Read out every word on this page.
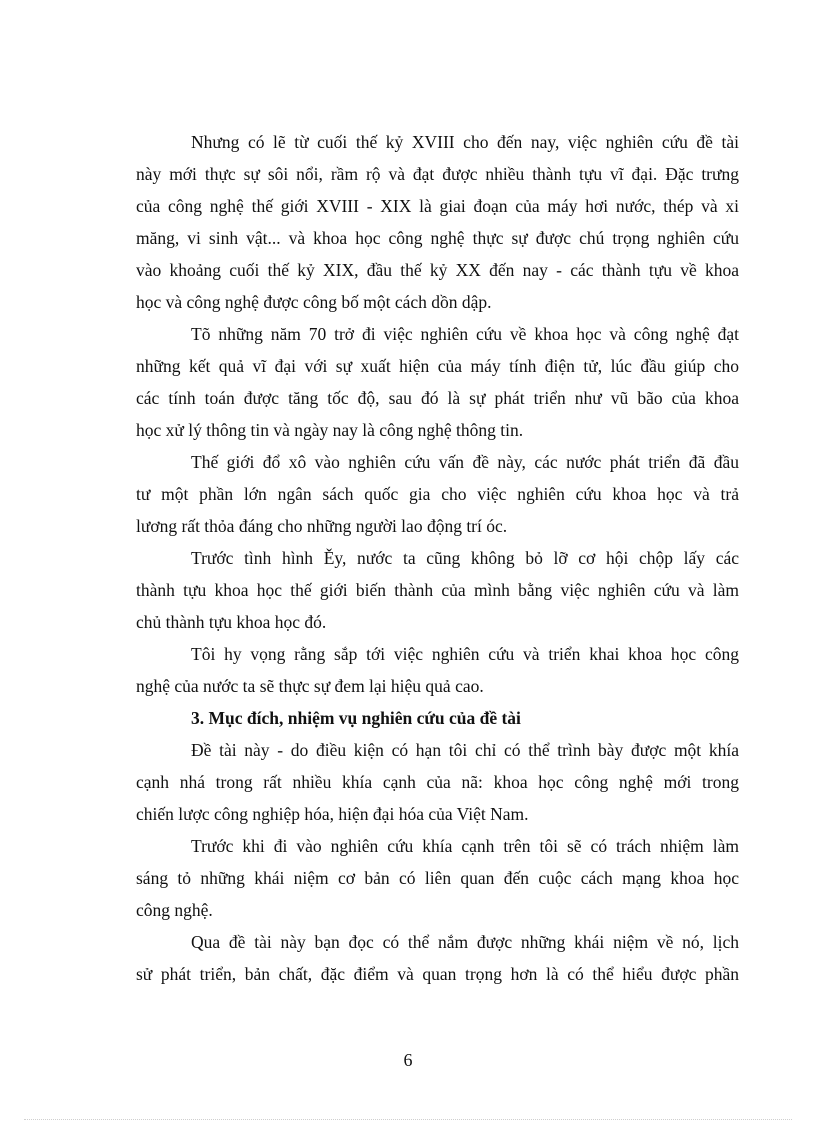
Nhưng có lẽ từ cuối thế kỷ XVIII cho đến nay, việc nghiên cứu đề tài
này mới thực sự sôi nổi, rầm rộ và đạt được nhiều thành tựu vĩ đại. Đặc trưng
của công nghệ thế giới XVIII - XIX là giai đoạn của máy hơi nước, thép và xi
măng, vi sinh vật... và khoa học công nghệ thực sự được chú trọng nghiên cứu
vào khoảng cuối thế kỷ XIX, đầu thế kỷ XX đến nay - các thành tựu về khoa
học và công nghệ được công bố một cách dồn dập.
Tõ những năm 70 trở đi việc nghiên cứu về khoa học và công nghệ đạt
những kết quả vĩ đại với sự xuất hiện của máy tính điện tử, lúc đầu giúp cho
các tính toán được tăng tốc độ, sau đó là sự phát triển như vũ bão của khoa
học xử lý thông tin và ngày nay là công nghệ thông tin.
Thế giới đổ xô vào nghiên cứu vấn đề này, các nước phát triển đã đầu
tư một phần lớn ngân sách quốc gia cho việc nghiên cứu khoa học và trả
lương rất thỏa đáng cho những người lao động trí óc.
Trước tình hình Ěy, nước ta cũng không bỏ lỡ cơ hội chộp lấy các
thành tựu khoa học thế giới biến thành của mình bằng việc nghiên cứu và làm
chủ thành tựu khoa học đó.
Tôi hy vọng rằng sắp tới việc nghiên cứu và triển khai khoa học công
nghệ của nước ta sẽ thực sự đem lại hiệu quả cao.
3. Mục đích, nhiệm vụ nghiên cứu của đề tài
Đề tài này - do điều kiện có hạn tôi chỉ có thể trình bày được một khía
cạnh nhá trong rất nhiều khía cạnh của nã: khoa học công nghệ mới trong
chiến lược công nghiệp hóa, hiện đại hóa của Việt Nam.
Trước khi đi vào nghiên cứu khía cạnh trên tôi sẽ có trách nhiệm làm
sáng tỏ những khái niệm cơ bản có liên quan đến cuộc cách mạng khoa học
công nghệ.
Qua đề tài này bạn đọc có thể nắm được những khái niệm về nó, lịch
sử phát triển, bản chất, đặc điểm và quan trọng hơn là có thể hiểu được phần
6
